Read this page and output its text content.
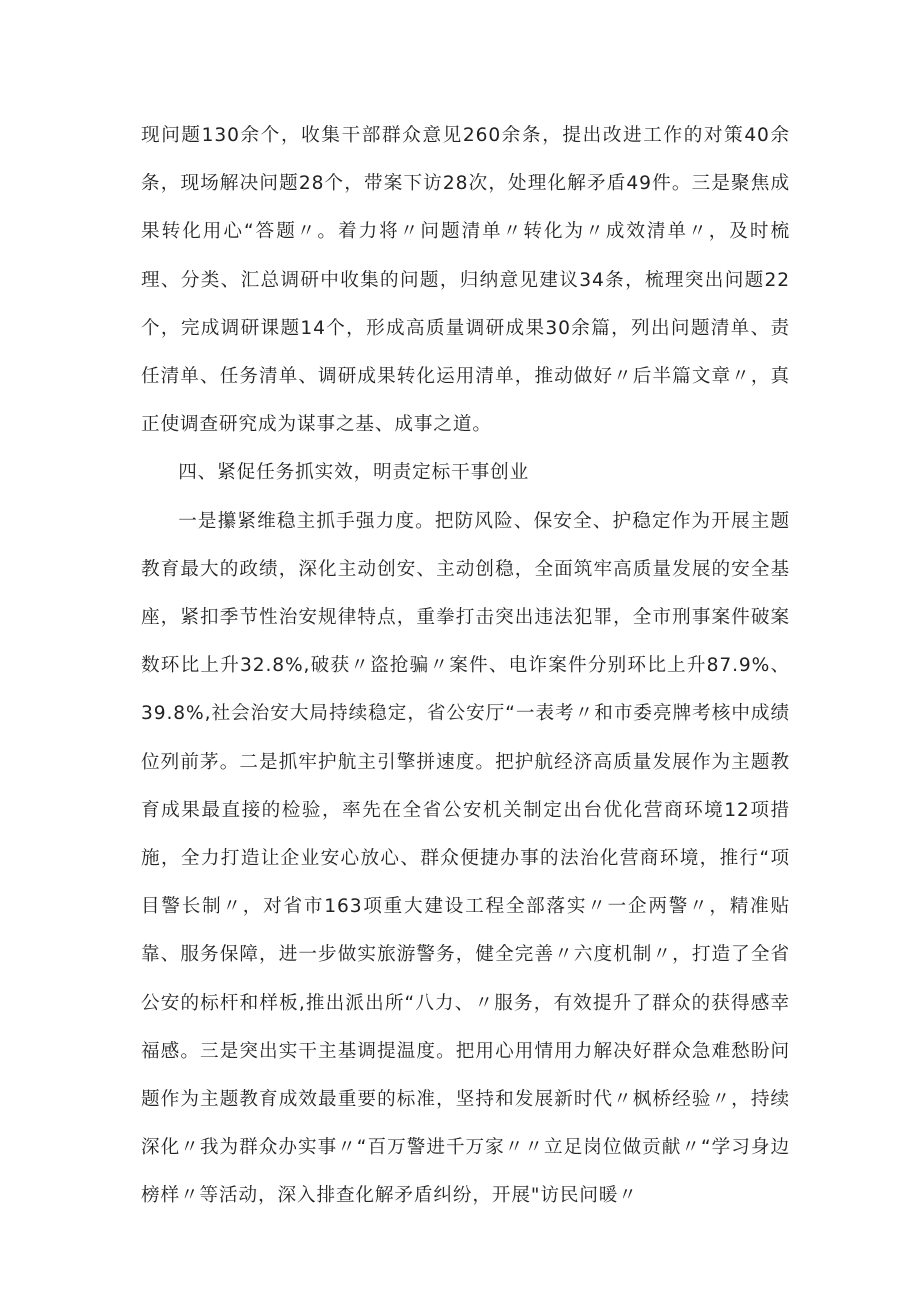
现问题130余个，收集干部群众意见260余条，提出改进工作的对策40余条，现场解决问题28个，带案下访28次，处理化解矛盾49件。三是聚焦成果转化用心“答题〃。着力将〃问题清单〃转化为〃成效清单〃，及时梳理、分类、汇总调研中收集的问题，归纳意见建议34条，梳理突出问题22个，完成调研课题14个，形成高质量调研成果30余篇，列出问题清单、责任清单、任务清单、调研成果转化运用清单，推动做好〃后半篇文章〃，真正使调查研究成为谋事之基、成事之道。

四、紧促任务抓实效，明责定标干事创业

一是攥紧维稳主抓手强力度。把防风险、保安全、护稳定作为开展主题教育最大的政绩，深化主动创安、主动创稳，全面筑牢高质量发展的安全基座，紧扣季节性治安规律特点，重拳打击突出违法犯罪，全市刑事案件破案数环比上升32.8%,破获〃盗抢骗〃案件、电诈案件分别环比上升87.9%、39.8%,社会治安大局持续稳定，省公安厅“一表考〃和市委亮牌考核中成绩位列前茅。二是抓牢护航主引擎拼速度。把护航经济高质量发展作为主题教育成果最直接的检验，率先在全省公安机关制定出台优化营商环境12项措施，全力打造让企业安心放心、群众便捷办事的法治化营商环境，推行“项目警长制〃，对省市163项重大建设工程全部落实〃一企两警〃，精准贴靠、服务保障，进一步做实旅游警务，健全完善〃六度机制〃，打造了全省公安的标杆和样板,推出派出所“八力、〃服务，有效提升了群众的获得感幸福感。三是突出实干主基调提温度。把用心用情用力解决好群众急难愁盼问题作为主题教育成效最重要的标准，坚持和发展新时代〃枫桥经验〃，持续深化〃我为群众办实事〃“百万警进千万家〃〃立足岗位做贡献〃“学习身边榜样〃等活动，深入排查化解矛盾纠纷，开展"访民问暖〃
